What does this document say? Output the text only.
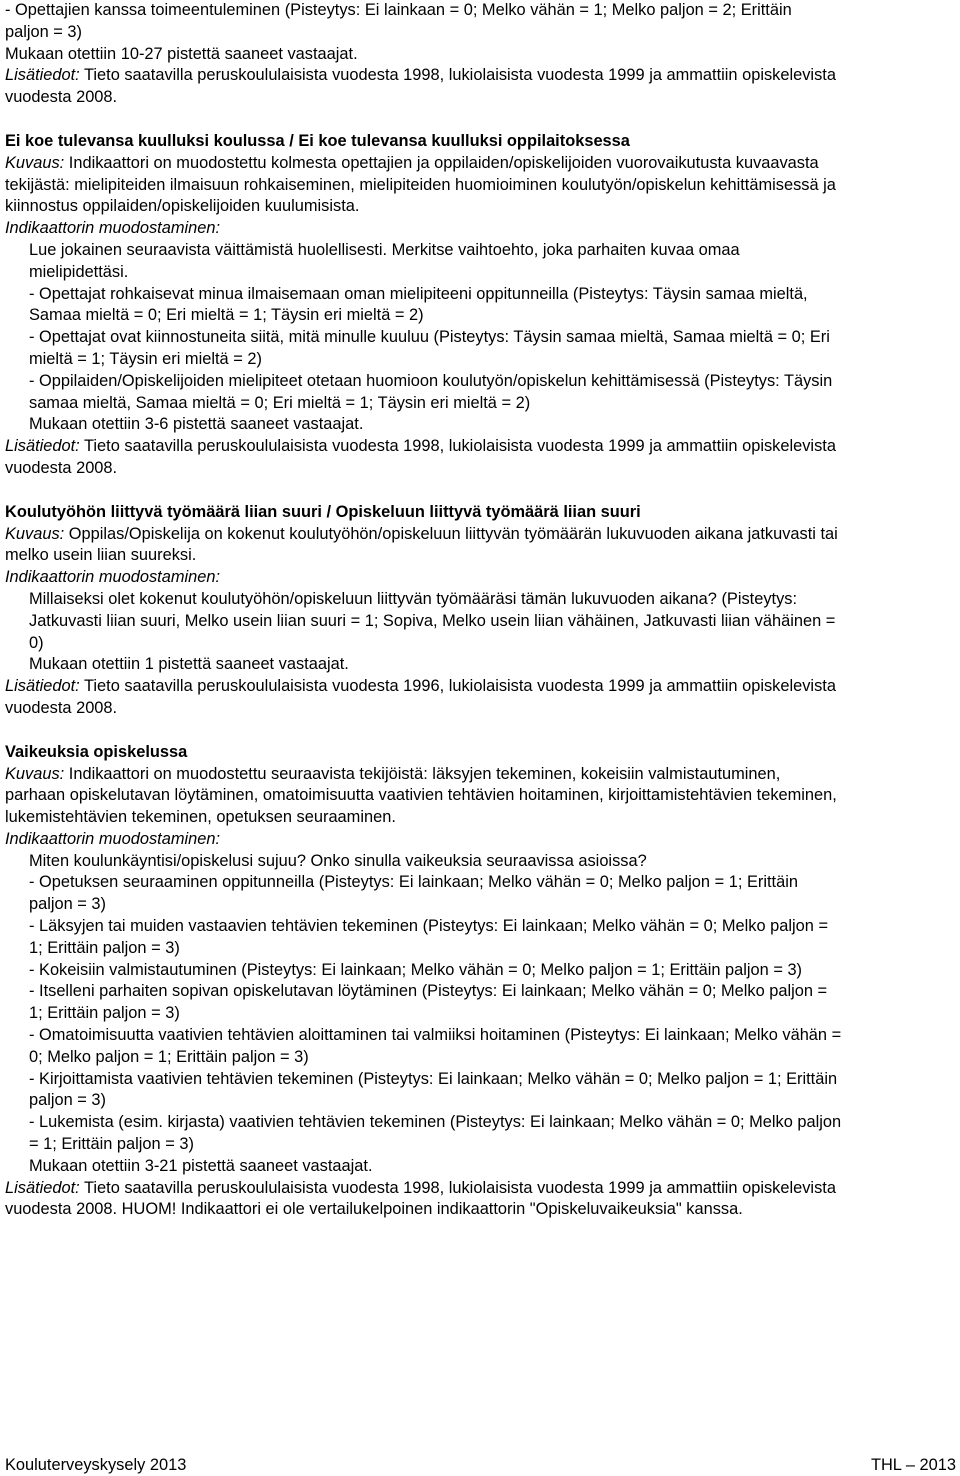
- Opettajien kanssa toimeentuleminen (Pisteytys: Ei lainkaan = 0; Melko vähän = 1; Melko paljon = 2; Erittäin

paljon = 3)

Mukaan otettiin 10-27 pistettä saaneet vastaajat.

Lisätiedot: Tieto saatavilla peruskoululaisista vuodesta 1998, lukiolaisista vuodesta 1999 ja ammattiin opiskelevista

vuodesta 2008.

Ei koe tulevansa kuulluksi koulussa / Ei koe tulevansa kuulluksi oppilaitoksessa

Kuvaus: Indikaattori on muodostettu kolmesta opettajien ja oppilaiden/opiskelijoiden vuorovaikutusta kuvaavasta

tekijästä: mielipiteiden ilmaisuun rohkaiseminen, mielipiteiden huomioiminen koulutyön/opiskelun kehittämisessä ja

kiinnostus oppilaiden/opiskelijoiden kuulumisista.

Indikaattorin muodostaminen:

Lue jokainen seuraavista väittämistä huolellisesti. Merkitse vaihtoehto, joka parhaiten kuvaa omaa

mielipidettäsi.

- Opettajat rohkaisevat minua ilmaisemaan oman mielipiteeni oppitunneilla (Pisteytys: Täysin samaa mieltä,

Samaa mieltä = 0; Eri mieltä = 1; Täysin eri mieltä = 2)

- Opettajat ovat kiinnostuneita siitä, mitä minulle kuuluu (Pisteytys: Täysin samaa mieltä, Samaa mieltä = 0; Eri

mieltä = 1; Täysin eri mieltä = 2)

- Oppilaiden/Opiskelijoiden mielipiteet otetaan huomioon koulutyön/opiskelun kehittämisessä (Pisteytys: Täysin

samaa mieltä, Samaa mieltä = 0; Eri mieltä = 1; Täysin eri mieltä = 2)

Mukaan otettiin 3-6 pistettä saaneet vastaajat.

Lisätiedot: Tieto saatavilla peruskoululaisista vuodesta 1998, lukiolaisista vuodesta 1999 ja ammattiin opiskelevista

vuodesta 2008.

Koulutyöhön liittyvä työmäärä liian suuri / Opiskeluun liittyvä työmäärä liian suuri

Kuvaus: Oppilas/Opiskelija on kokenut koulutyöhön/opiskeluun liittyvän työmäärän lukuvuoden aikana jatkuvasti tai

melko usein liian suureksi.

Indikaattorin muodostaminen:

Millaiseksi olet kokenut koulutyöhön/opiskeluun liittyvän työmääräsi tämän lukuvuoden aikana? (Pisteytys:

Jatkuvasti liian suuri, Melko usein liian suuri = 1; Sopiva, Melko usein liian vähäinen, Jatkuvasti liian vähäinen =

0)

Mukaan otettiin 1 pistettä saaneet vastaajat.

Lisätiedot: Tieto saatavilla peruskoululaisista vuodesta 1996, lukiolaisista vuodesta 1999 ja ammattiin opiskelevista

vuodesta 2008.

Vaikeuksia opiskelussa

Kuvaus: Indikaattori on muodostettu seuraavista tekijöistä: läksyjen tekeminen, kokeisiin valmistautuminen,

parhaan opiskelutavan löytäminen, omatoimisuutta vaativien tehtävien hoitaminen, kirjoittamistehtävien tekeminen,

lukemistehtävien tekeminen, opetuksen seuraaminen.

Indikaattorin muodostaminen:

Miten koulunkäyntisi/opiskelusi sujuu? Onko sinulla vaikeuksia seuraavissa asioissa?

- Opetuksen seuraaminen oppitunneilla (Pisteytys: Ei lainkaan; Melko vähän = 0; Melko paljon = 1; Erittäin

paljon = 3)

- Läksyjen tai muiden vastaavien tehtävien tekeminen (Pisteytys: Ei lainkaan; Melko vähän = 0; Melko paljon =

1; Erittäin paljon = 3)

- Kokeisiin valmistautuminen (Pisteytys: Ei lainkaan; Melko vähän = 0; Melko paljon = 1; Erittäin paljon = 3)

- Itselleni parhaiten sopivan opiskelutavan löytäminen (Pisteytys: Ei lainkaan; Melko vähän = 0; Melko paljon =

1; Erittäin paljon = 3)

- Omatoimisuutta vaativien tehtävien aloittaminen tai valmiiksi hoitaminen (Pisteytys: Ei lainkaan; Melko vähän =

0; Melko paljon = 1; Erittäin paljon = 3)

- Kirjoittamista vaativien tehtävien tekeminen (Pisteytys: Ei lainkaan; Melko vähän = 0; Melko paljon = 1; Erittäin

paljon = 3)

- Lukemista (esim. kirjasta) vaativien tehtävien tekeminen (Pisteytys: Ei lainkaan; Melko vähän = 0; Melko paljon

= 1; Erittäin paljon = 3)

Mukaan otettiin 3-21 pistettä saaneet vastaajat.

Lisätiedot: Tieto saatavilla peruskoululaisista vuodesta 1998, lukiolaisista vuodesta 1999 ja ammattiin opiskelevista

vuodesta 2008. HUOM! Indikaattori ei ole vertailukelpoinen indikaattorin "Opiskeluvaikeuksia" kanssa.

Kouluterveyskysely 2013	THL – 2013
